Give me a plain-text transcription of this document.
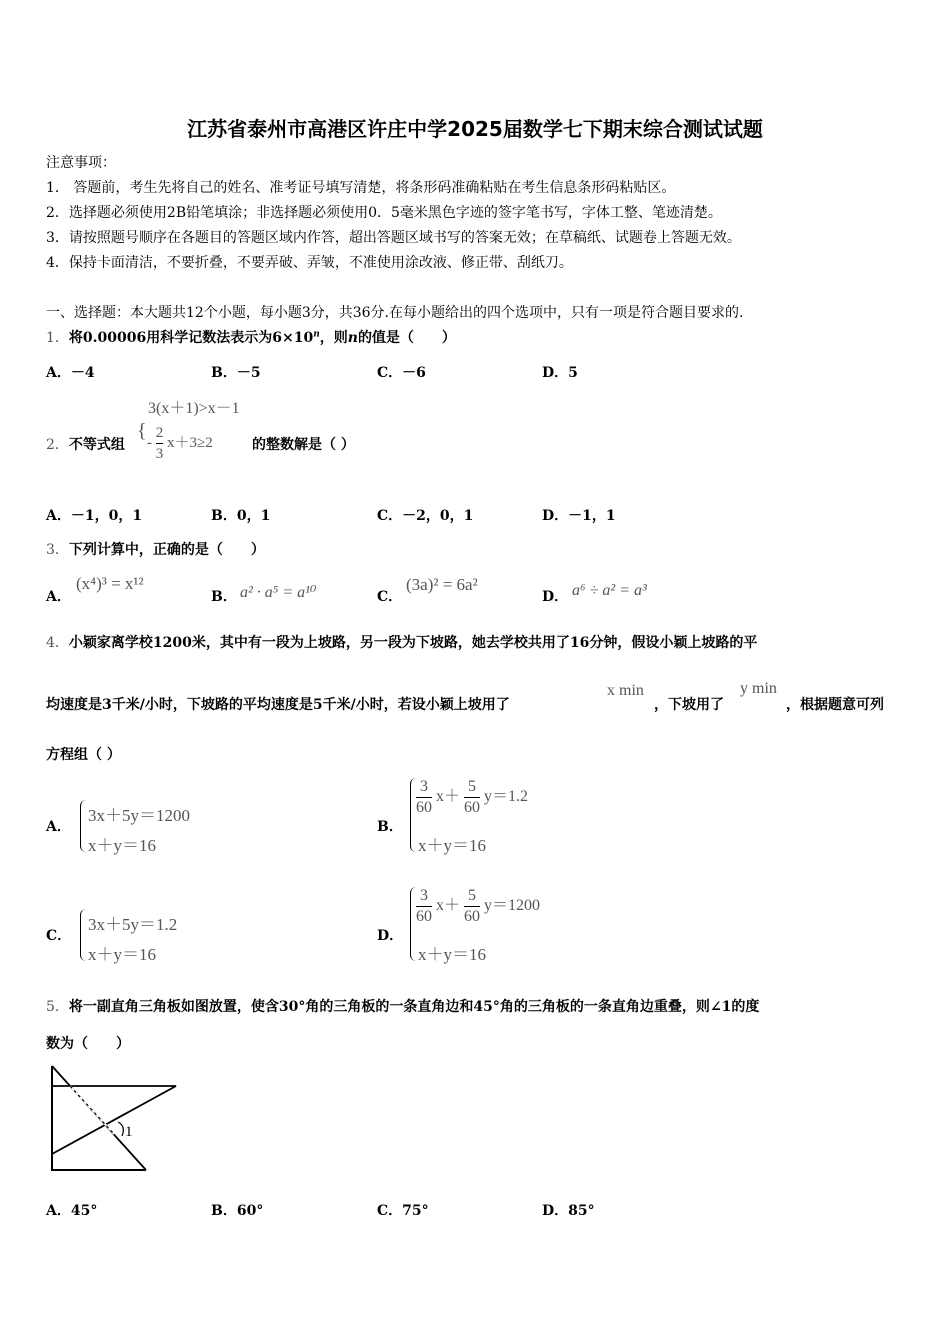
江苏省泰州市高港区许庄中学2025届数学七下期末综合测试试题
注意事项：
1． 答题前，考生先将自己的姓名、准考证号填写清楚，将条形码准确粘贴在考生信息条形码粘贴区。
2．选择题必须使用2B铅笔填涂；非选择题必须使用0．5毫米黑色字迹的签字笔书写，字体工整、笔迹清楚。
3．请按照题号顺序在各题目的答题区域内作答，超出答题区域书写的答案无效；在草稿纸、试题卷上答题无效。
4．保持卡面清洁，不要折叠，不要弄破、弄皱，不准使用涂改液、修正带、刮纸刀。
一、选择题：本大题共12个小题，每小题3分，共36分.在每小题给出的四个选项中，只有一项是符合题目要求的.
1．将0.00006用科学记数法表示为$6\times 10^n$，则n的值是（　　）
A．－4	B．－5	C．－6	D．5
2．不等式组
{
3(x＋1)>x－1
- $\frac{2}{3} x+3\ge 2$	的整数解是（ ）
A．－1，0，1	B．0，1	C．－2，0，1	D．－1，1
3．下列计算中，正确的是（　　）
A．
(x⁴)³ = x¹²
B． a² · a⁵ = a¹⁰	C．
(3a)² = 6a²
D． a⁶ ÷ a² = a³
4．小颖家离学校1200米，其中有一段为上坡路，另一段为下坡路，她去学校共用了16分钟，假设小颖上坡路的平
均速度是3千米/小时，下坡路的平均速度是5千米/小时，若设小颖上坡用了
x min
，下坡用了
y min
，根据题意可列
方程组（ ）
A．
3x＋5y＝1200
x＋y＝16
B．
$\frac{3}{60} x+ \frac{5}{60} y=1.2$
x＋y＝16
C．
3x＋5y＝1.2
x＋y＝16
D．
$\frac{3}{60} x+ \frac{5}{60} y=1200$
x＋y＝16
5．将一副直角三角板如图放置，使含30°角的三角板的一条直角边和45°角的三角板的一条直角边重叠，则∠1的度
数为（　　）
1
A．45°	B．60°	C．75°	D．85°
